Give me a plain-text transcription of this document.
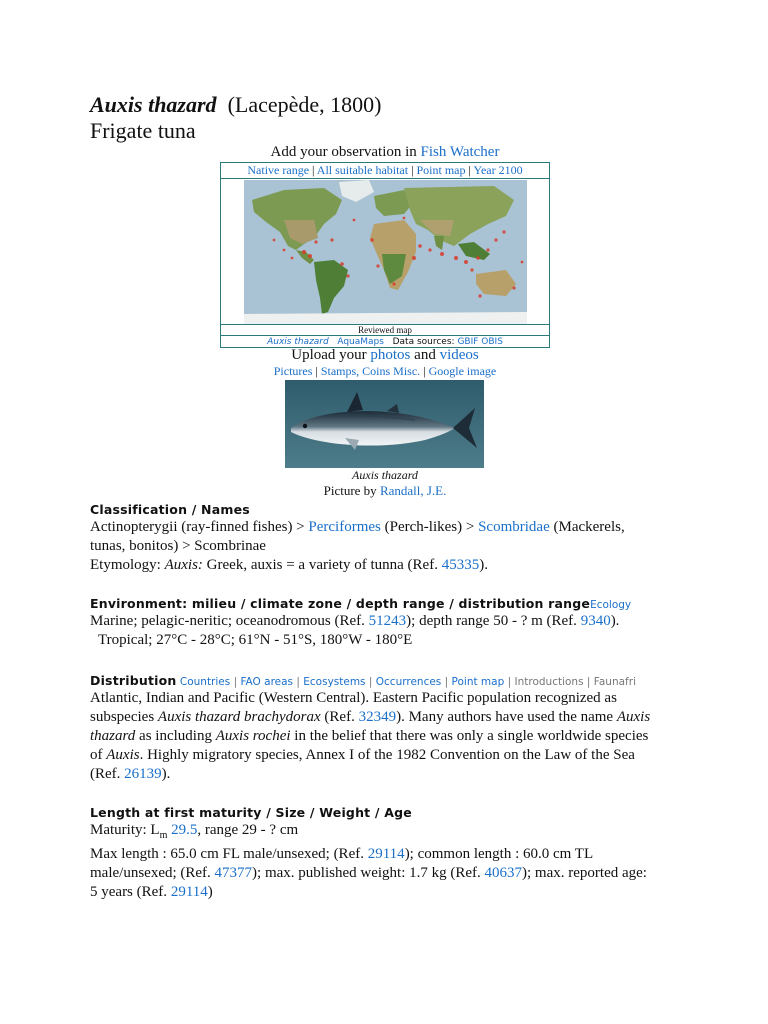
Auxis thazard (Lacepède, 1800)
Frigate tuna
Add your observation in Fish Watcher
Native range | All suitable habitat | Point map | Year 2100
Reviewed map
Auxis thazard AquaMaps Data sources: GBIF OBIS
Upload your photos and videos
Pictures | Stamps, Coins Misc. | Google image
Auxis thazard
Picture by Randall, J.E.
Classification / Names
Actinopterygii (ray-finned fishes) > Perciformes (Perch-likes) > Scombridae (Mackerels,
tunas, bonitos) > Scombrinae
Etymology: Auxis: Greek, auxis = a variety of tunna (Ref. 45335).
Environment: milieu / climate zone / depth range / distribution rangeEcology
Marine; pelagic-neritic; oceanodromous (Ref. 51243); depth range 50 - ? m (Ref. 9340).
Tropical; 27°C - 28°C; 61°N - 51°S, 180°W - 180°E
Distribution Countries | FAO areas | Ecosystems | Occurrences | Point map | Introductions | Faunafri
Atlantic, Indian and Pacific (Western Central). Eastern Pacific population recognized as
subspecies Auxis thazard brachydorax (Ref. 32349). Many authors have used the name Auxis
thazard as including Auxis rochei in the belief that there was only a single worldwide species
of Auxis. Highly migratory species, Annex I of the 1982 Convention on the Law of the Sea
(Ref. 26139).
Length at first maturity / Size / Weight / Age
Maturity: $L_m$ 29.5, range 29 - ? cm
Max length : 65.0 cm FL male/unsexed; (Ref. 29114); common length : 60.0 cm TL
male/unsexed; (Ref. 47377); max. published weight: 1.7 kg (Ref. 40637); max. reported age:
5 years (Ref. 29114)
